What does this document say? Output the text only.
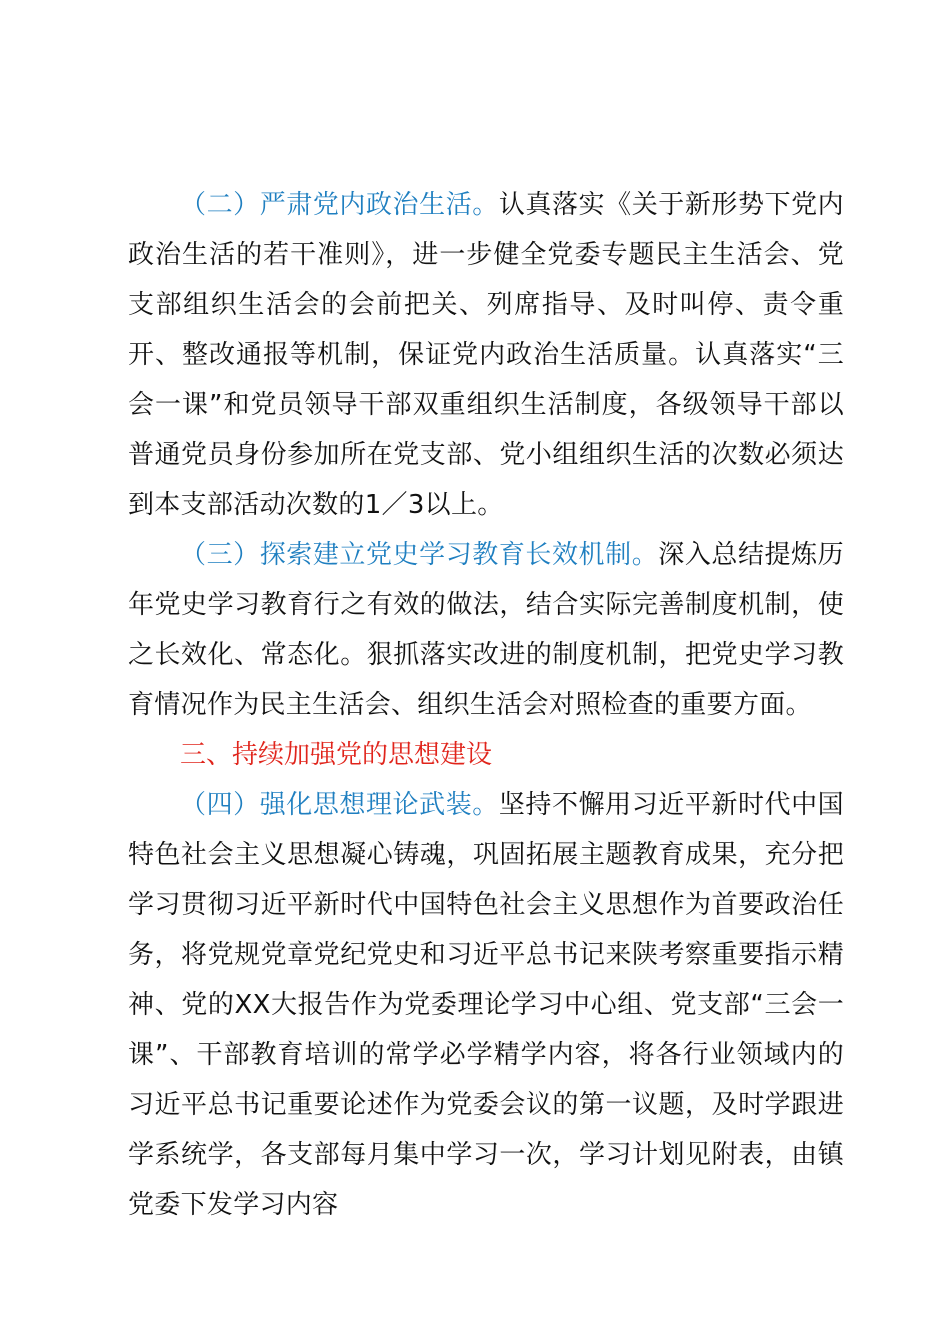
（二）严肃党内政治生活。认真落实《关于新形势下党内政治生活的若干准则》，进一步健全党委专题民主生活会、党支部组织生活会的会前把关、列席指导、及时叫停、责令重开、整改通报等机制，保证党内政治生活质量。认真落实“三会一课”和党员领导干部双重组织生活制度，各级领导干部以普通党员身份参加所在党支部、党小组组织生活的次数必须达到本支部活动次数的1／3以上。

（三）探索建立党史学习教育长效机制。深入总结提炼历年党史学习教育行之有效的做法，结合实际完善制度机制，使之长效化、常态化。狠抓落实改进的制度机制，把党史学习教育情况作为民主生活会、组织生活会对照检查的重要方面。

三、持续加强党的思想建设

（四）强化思想理论武装。坚持不懈用习近平新时代中国特色社会主义思想凝心铸魂，巩固拓展主题教育成果，充分把学习贯彻习近平新时代中国特色社会主义思想作为首要政治任务，将党规党章党纪党史和习近平总书记来陕考察重要指示精神、党的XX大报告作为党委理论学习中心组、党支部“三会一课”、干部教育培训的常学必学精学内容，将各行业领域内的习近平总书记重要论述作为党委会议的第一议题，及时学跟进学系统学，各支部每月集中学习一次，学习计划见附表，由镇党委下发学习内容
